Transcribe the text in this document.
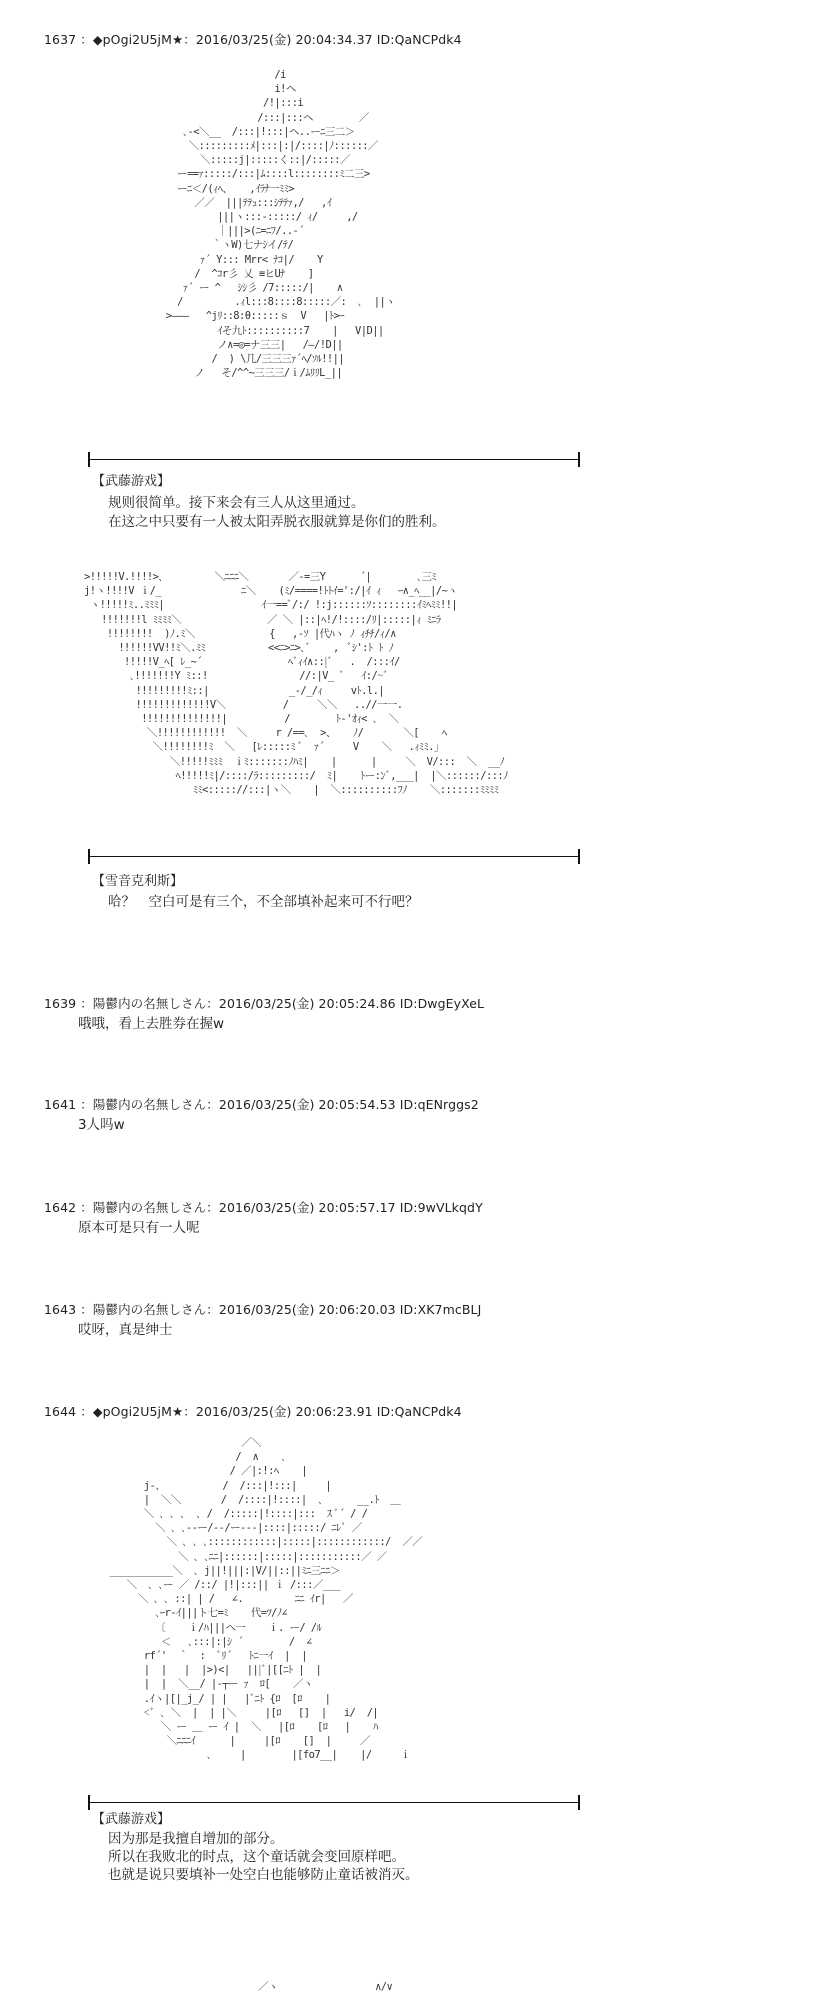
1637 ：◆pOgi2U5jM★：2016/03/25(金) 20:04:34.37 ID:QaNCPdk4
/i
i!ヘ
/!|:::i
/:::|:::ヘ        ／
､-<＼__  /:::|!:::|ヘ..ーﾆ三二＞
＼:::::::::ﾒ|:::|:|/::::|ﾉ::::::／
＼:::::j|:::::く::|/:::::／
ー==ｧ:::::/:::|ﾑ::::l::::::::ﾐ二三>
ーﾆ＜/(ｨﾍ、   ,ｲﾗﾅ一ﾐﾐ>
／／  |||ﾃﾃｭ:::ｼﾃﾃｧ,/   ,ｲ
|||ヽ:::‐:::::/ ｨ/     ,/
｜|||>(ﾆ=ﾆﾌ/..-´
｀ヽW)七ナｼイ/ﾃ/
ｧ´ Y::: Mrr< ﾅｺ|/    Y
/  ^ｺr彡 乂 ≡ヒUﾅ    ]
ｧ´ ー ^   ｼｼ彡 /7:::::/|    ∧
/         .ｨl:::8::::8:::::／:  ､  ||ヽ
>———   ^jﾘ::8:θ:::::ｓ  V   |ﾄ>ｰ
ｲそ九ﾄ::::::::::7    |   V|D||
ノ∧=◎=ナ三三|   /—/!D||
/  ) \几/三三三ｧ´ﾍ/ｿﾙ!!||
ノ   そ/^^~三三三/ｉ/ﾑﾘﾘL_||
【武藤游戏】
规则很简单。接下来会有三人从这里通过。
在这之中只要有一人被太阳弄脱衣服就算是你们的胜利。
>!!!!!V.!!!!>､         ＼ﾆﾆﾆ＼       ／-=三Y      ´|        ､三ﾐ
j!ヽ!!!!V ｉ/_              ﾆ＼    (ﾐ/====!ﾄﾄｲ=':/|ｲ ｨ   ｰ∧_ﾍ__|/~ヽ
ヽ!!!!!ﾐ..ﾐﾐﾐ|                 ｲ一==ﾞ/:/ !:j::::::ｿ::::::::ｲﾐﾍﾐﾐ!!|
!!!!!!!l ﾐﾐﾐﾐ＼               ／ ＼ |::|ﾍ!/!::::/ﾘ|:::::|ｨ ﾐﾆﾗ
!!!!!!!!  )ﾉ.ﾐ＼             {   ,-ｿ |代ﾊヽ ﾉ ｨﾁﾁ/ｨ/∧
!!!!!!VV!!ﾐ＼.ﾐﾐ           <<ﾆ>ﾆ>､ﾞ    ,  ﾞｼ':ﾄ ﾄ ﾉ
!!!!!V_ﾍ[ ﾚ_~´               ﾍﾞｨｲ∧::|ﾞ   .  /:::ｲ/
､!!!!!!!Y ﾐ::!                //:|V_ ﾞ   ｲ:/~ﾞ
!!!!!!!!!ﾐ::|              _-/_/ｨ     vﾄ.l.|
!!!!!!!!!!!!!V＼          /     ＼＼   ..//一一.
!!!!!!!!!!!!!!|          /        ﾄ-'ｵｨ< ､  ＼
＼!!!!!!!!!!!!  ＼     r /==､  >、   ﾉ/       ＼[    ﾍ
＼!!!!!!!!ﾐ  ＼   [ﾚ:::::ﾐ ﾞ  ｧ´     V    ＼   .ｨﾐﾐ.｣
＼!!!!!ﾐﾐﾐ  ｉﾐ:::::::ﾉﾊﾐ|    |      |     ＼  V/:::  ＼  __ﾉ
ﾍ!!!!!ﾐ|/::::/ﾗ:::::::::/  ﾐ|    ﾄー:ﾝﾞ,___|  |＼::::::/:::ﾉ
ﾐﾐ<::::://:::|ヽ＼    |  ＼::::::::::ﾌﾉ    ＼:::::::ﾐﾐﾐﾐ
【雪音克利斯】
哈？　空白可是有三个，不全部填补起来可不行吧？
1639 ：陽鬱内の名無しさん：2016/03/25(金) 20:05:24.86 ID:DwgEyXeL
哦哦，看上去胜券在握w
1641 ：陽鬱内の名無しさん：2016/03/25(金) 20:05:54.53 ID:qENrggs2
3人吗w
1642 ：陽鬱内の名無しさん：2016/03/25(金) 20:05:57.17 ID:9wVLkqdY
原本可是只有一人呢
1643 ：陽鬱内の名無しさん：2016/03/25(金) 20:06:20.03 ID:XK7mcBLJ
哎呀，真是绅士
1644 ：◆pOgi2U5jM★：2016/03/25(金) 20:06:23.91 ID:QaNCPdk4
／＼
/  ∧    ､
/ ／|:!:ﾍ    |
j‐、          /  /:::|!:::|     |
|  ＼＼       /  /::::|!::::|  ､      __.ﾄ  ＿
＼ ､ ､ ､  ､ /  /:::::|!::::|:::  ｽ ﾞ´ / /
＼ ､ ､--ー/--/ー---|::::|:::::/ ﾆﾚﾞ ／
＼ ､ ､ ､::::::::::::|:::::|::::::::::::/  ／／
＼ ､ ､ﾆﾆ|::::::|:::::|:::::::::::／ ／
___________＼  ､ j||!|||:|V/||::||ﾐﾆ三ﾆﾆ＞
＼  ､ ､ー ／ /::/ |!|:::|| ｉ /:::／___
＼ ､ ､ ::| | /   ∠.         ﾆﾆ ｲr|   ／
､ｰr‐ｲ|||ト七=ﾐ    代=ﾂ/ﾉ∠
〔    ｉ/ﾊ|||ヘ一    ｉ. ー/ /ﾙ
＜   ､:::|:|ｼ ´        /  ∠
rf´'  ｀  :  ﾞﾘ´   ﾄﾆ一ｲ  |  |
|  |   |  |>)<|   |||ﾞ|[[ﾆﾄ |  |
|  |  ＼__/ |-┬ー ｧ  ﾛ[    ／ヽ
.ｲヽ|[|_j_/ | |   |ﾞﾆﾄ {ﾛ  [ﾛ    |
<ﾞ ､ ＼  |  | |＼     |[ﾛ   []  |   i/  /|
＼ ー ＿ ー ｲ |  ＼   |[ﾛ    [ﾛ   |    ﾊ
＼ﾆﾆﾆｲ      |     |[ﾛ    []  |     ／
､     |        |[fo7__|    |/     ｉ
【武藤游戏】
因为那是我擅自增加的部分。
所以在我败北的时点，这个童话就会变回原样吧。
也就是说只要填补一处空白也能够防止童话被消灭。
／ヽ                 ∧/∨
